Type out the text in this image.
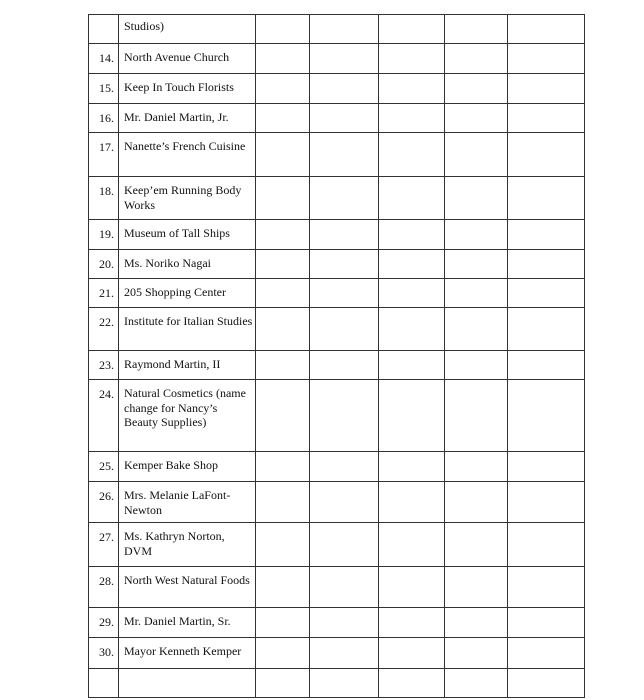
	Studios)					
14.	North Avenue Church					
15.	Keep In Touch Florists					
16.	Mr. Daniel Martin, Jr.					
17.	Nanette’s French Cuisine					
18.	Keep’em Running Body Works					
19.	Museum of Tall Ships					
20.	Ms. Noriko Nagai					
21.	205 Shopping Center					
22.	Institute for Italian Studies					
23.	Raymond Martin, II					
24.	Natural Cosmetics (name change for Nancy’s Beauty Supplies)					
25.	Kemper Bake Shop					
26.	Mrs. Melanie LaFont-Newton					
27.	Ms. Kathryn Norton, DVM					
28.	North West Natural Foods					
29.	Mr. Daniel Martin, Sr.					
30.	Mayor Kenneth Kemper					
